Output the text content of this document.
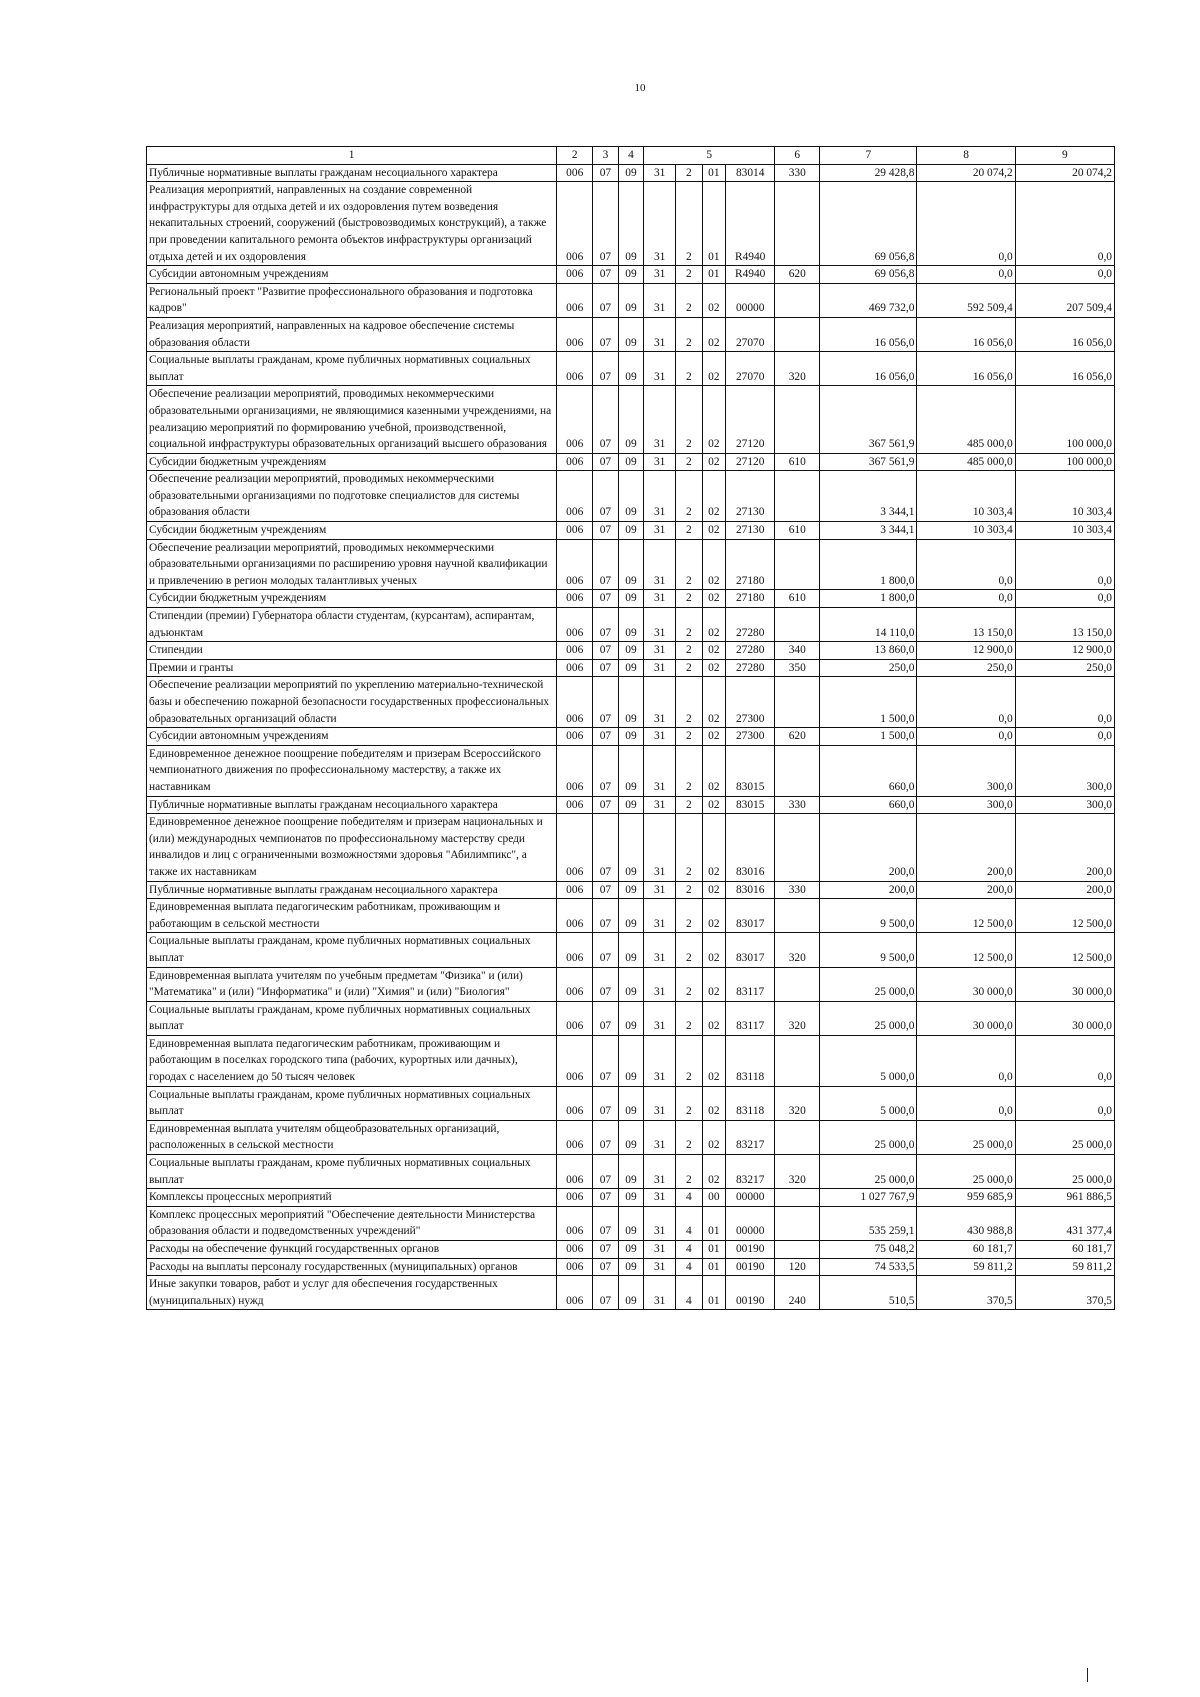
10
1	2	3	4	5				6	7	8	9
Публичные нормативные выплаты гражданам несоциального характера	006	07	09	31	2	01	83014	330	29 428,8	20 074,2	20 074,2
Реализация мероприятий, направленных на создание современной инфраструктуры для отдыха детей и их оздоровления путем возведения некапитальных строений, сооружений (быстровозводимых конструкций), а также при проведении капитального ремонта объектов инфраструктуры организаций отдыха детей и их оздоровления	006	07	09	31	2	01	R4940		69 056,8	0,0	0,0
Субсидии автономным учреждениям	006	07	09	31	2	01	R4940	620	69 056,8	0,0	0,0
Региональный проект "Развитие профессионального образования и подготовка кадров"	006	07	09	31	2	02	00000		469 732,0	592 509,4	207 509,4
Реализация мероприятий, направленных на кадровое обеспечение системы образования области	006	07	09	31	2	02	27070		16 056,0	16 056,0	16 056,0
Социальные выплаты гражданам, кроме публичных нормативных социальных выплат	006	07	09	31	2	02	27070	320	16 056,0	16 056,0	16 056,0
Обеспечение реализации мероприятий, проводимых некоммерческими образовательными организациями, не являющимися казенными учреждениями, на реализацию мероприятий по формированию учебной, производственной, социальной инфраструктуры образовательных организаций высшего образования	006	07	09	31	2	02	27120		367 561,9	485 000,0	100 000,0
Субсидии бюджетным учреждениям	006	07	09	31	2	02	27120	610	367 561,9	485 000,0	100 000,0
Обеспечение реализации мероприятий, проводимых некоммерческими образовательными организациями по подготовке специалистов для системы образования области	006	07	09	31	2	02	27130		3 344,1	10 303,4	10 303,4
Субсидии бюджетным учреждениям	006	07	09	31	2	02	27130	610	3 344,1	10 303,4	10 303,4
Обеспечение реализации мероприятий, проводимых некоммерческими образовательными организациями по расширению уровня научной квалификации и привлечению в регион молодых талантливых ученых	006	07	09	31	2	02	27180		1 800,0	0,0	0,0
Субсидии бюджетным учреждениям	006	07	09	31	2	02	27180	610	1 800,0	0,0	0,0
Стипендии (премии) Губернатора области студентам, (курсантам), аспирантам, адъюнктам	006	07	09	31	2	02	27280		14 110,0	13 150,0	13 150,0
Стипендии	006	07	09	31	2	02	27280	340	13 860,0	12 900,0	12 900,0
Премии и гранты	006	07	09	31	2	02	27280	350	250,0	250,0	250,0
Обеспечение реализации мероприятий по укреплению материально-технической базы и обеспечению пожарной безопасности государственных профессиональных образовательных организаций области	006	07	09	31	2	02	27300		1 500,0	0,0	0,0
Субсидии автономным учреждениям	006	07	09	31	2	02	27300	620	1 500,0	0,0	0,0
Единовременное денежное поощрение победителям и призерам Всероссийского чемпионатного движения по профессиональному мастерству, а также их наставникам	006	07	09	31	2	02	83015		660,0	300,0	300,0
Публичные нормативные выплаты гражданам несоциального характера	006	07	09	31	2	02	83015	330	660,0	300,0	300,0
Единовременное денежное поощрение победителям и призерам национальных и (или) международных чемпионатов по профессиональному мастерству среди инвалидов и лиц с ограниченными возможностями здоровья "Абилимпикс", а также их наставникам	006	07	09	31	2	02	83016		200,0	200,0	200,0
Публичные нормативные выплаты гражданам несоциального характера	006	07	09	31	2	02	83016	330	200,0	200,0	200,0
Единовременная выплата педагогическим работникам, проживающим и работающим в сельской местности	006	07	09	31	2	02	83017		9 500,0	12 500,0	12 500,0
Социальные выплаты гражданам, кроме публичных нормативных социальных выплат	006	07	09	31	2	02	83017	320	9 500,0	12 500,0	12 500,0
Единовременная выплата учителям по учебным предметам "Физика" и (или) "Математика" и (или) "Информатика" и (или) "Химия" и (или) "Биология"	006	07	09	31	2	02	83117		25 000,0	30 000,0	30 000,0
Социальные выплаты гражданам, кроме публичных нормативных социальных выплат	006	07	09	31	2	02	83117	320	25 000,0	30 000,0	30 000,0
Единовременная выплата педагогическим работникам, проживающим и работающим в поселках городского типа (рабочих, курортных или дачных), городах с населением до 50 тысяч человек	006	07	09	31	2	02	83118		5 000,0	0,0	0,0
Социальные выплаты гражданам, кроме публичных нормативных социальных выплат	006	07	09	31	2	02	83118	320	5 000,0	0,0	0,0
Единовременная выплата учителям общеобразовательных организаций, расположенных в сельской местности	006	07	09	31	2	02	83217		25 000,0	25 000,0	25 000,0
Социальные выплаты гражданам, кроме публичных нормативных социальных выплат	006	07	09	31	2	02	83217	320	25 000,0	25 000,0	25 000,0
Комплексы процессных мероприятий	006	07	09	31	4	00	00000		1 027 767,9	959 685,9	961 886,5
Комплекс процессных мероприятий "Обеспечение деятельности Министерства образования области и подведомственных учреждений"	006	07	09	31	4	01	00000		535 259,1	430 988,8	431 377,4
Расходы на обеспечение функций государственных органов	006	07	09	31	4	01	00190		75 048,2	60 181,7	60 181,7
Расходы на выплаты персоналу государственных (муниципальных) органов	006	07	09	31	4	01	00190	120	74 533,5	59 811,2	59 811,2
Иные закупки товаров, работ и услуг для обеспечения государственных (муниципальных) нужд	006	07	09	31	4	01	00190	240	510,5	370,5	370,5
